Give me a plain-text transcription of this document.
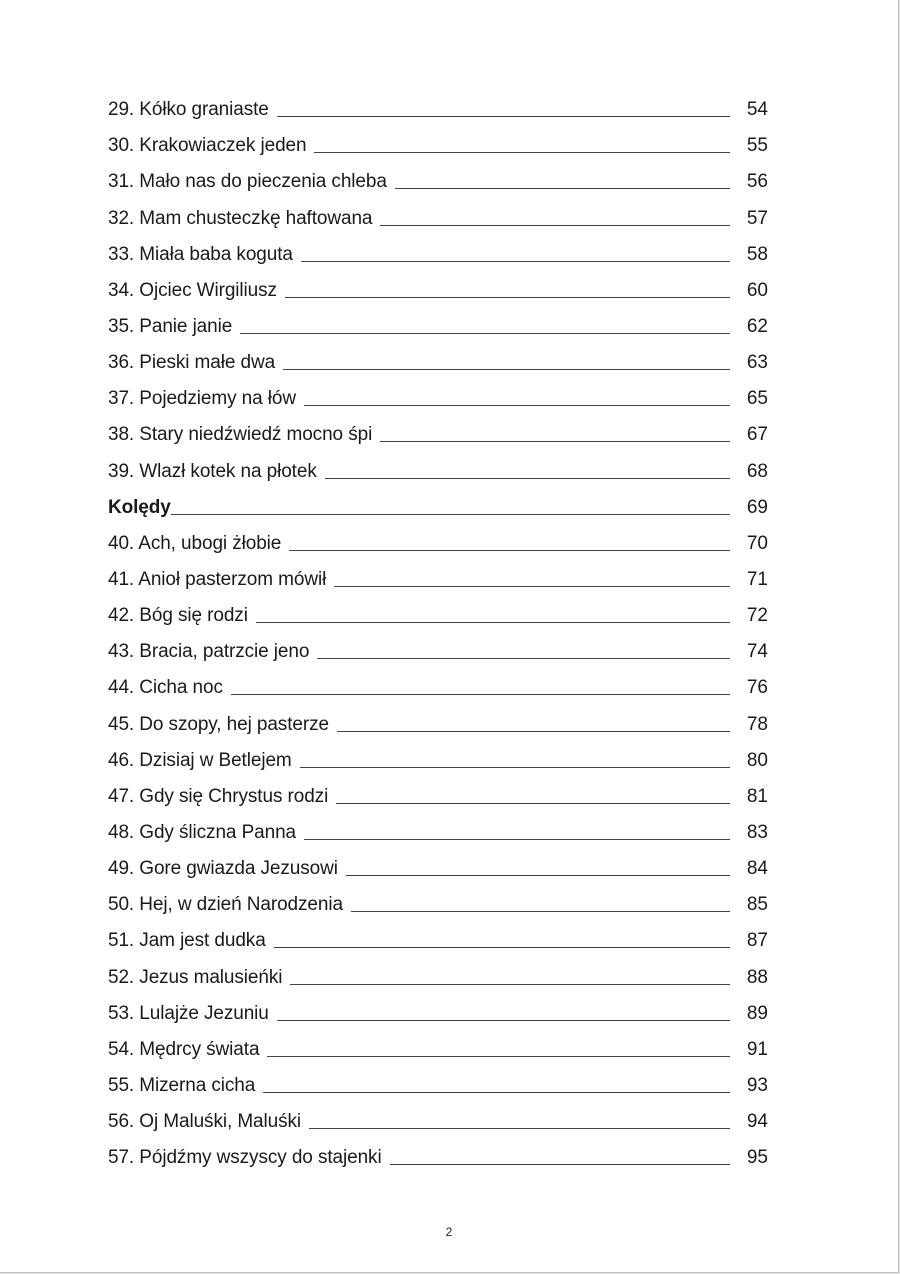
29. Kółko graniaste	54
30. Krakowiaczek jeden	55
31. Mało nas do pieczenia chleba	56
32. Mam chusteczkę haftowana	57
33. Miała baba koguta	58
34. Ojciec Wirgiliusz	60
35. Panie janie	62
36. Pieski małe dwa	63
37. Pojedziemy na łów	65
38. Stary niedźwiedź mocno śpi	67
39. Wlazł kotek na płotek	68
Kolędy	69
40. Ach, ubogi żłobie	70
41. Anioł pasterzom mówił	71
42. Bóg się rodzi	72
43. Bracia, patrzcie jeno	74
44. Cicha noc	76
45. Do szopy, hej pasterze	78
46. Dzisiaj w Betlejem	80
47. Gdy się Chrystus rodzi	81
48. Gdy śliczna Panna	83
49. Gore gwiazda Jezusowi	84
50. Hej, w dzień Narodzenia	85
51. Jam jest dudka	87
52. Jezus malusieńki	88
53. Lulajże Jezuniu	89
54. Mędrcy świata	91
55. Mizerna cicha	93
56. Oj Maluśki, Maluśki	94
57. Pójdźmy wszyscy do stajenki	95
2
